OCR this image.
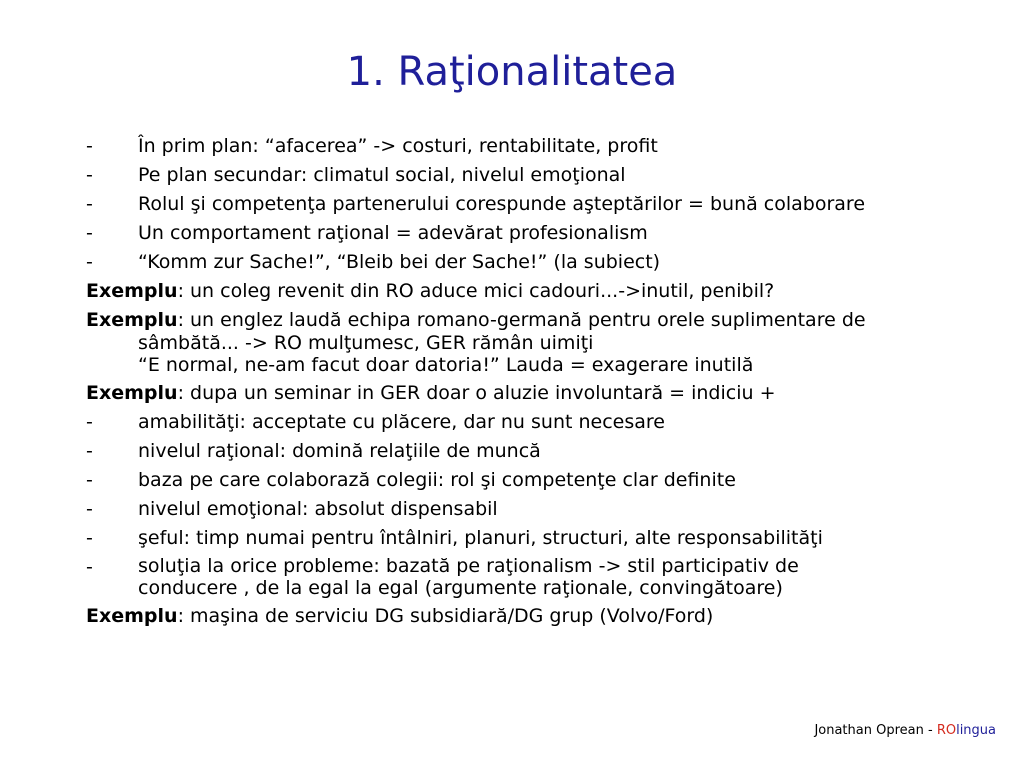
1. Raţionalitatea
- În prim plan: “afacerea” -> costuri, rentabilitate, profit
- Pe plan secundar: climatul social, nivelul emoţional
- Rolul şi competenţa partenerului corespunde aşteptărilor = bună colaborare
- Un comportament raţional = adevărat profesionalism
- “Komm zur Sache!”, “Bleib bei der Sache!” (la subiect)
Exemplu: un coleg revenit din RO aduce mici cadouri...->inutil, penibil?
Exemplu: un englez laudă echipa romano-germană pentru orele suplimentare de
sâmbătă... -> RO mulţumesc, GER rămân uimiţi
“E normal, ne-am facut doar datoria!” Lauda = exagerare inutilă
Exemplu: dupa un seminar in GER doar o aluzie involuntară = indiciu +
- amabilităţi: acceptate cu plăcere, dar nu sunt necesare
- nivelul raţional: domină relaţiile de muncă
- baza pe care colaborază colegii: rol şi competenţe clar definite
- nivelul emoţional: absolut dispensabil
- şeful: timp numai pentru întâlniri, planuri, structuri, alte responsabilităţi
- soluţia la orice probleme: bazată pe raţionalism -> stil participativ de
conducere , de la egal la egal (argumente raţionale, convingătoare)
Exemplu: maşina de serviciu DG subsidiară/DG grup (Volvo/Ford)
Jonathan Oprean - ROlingua
